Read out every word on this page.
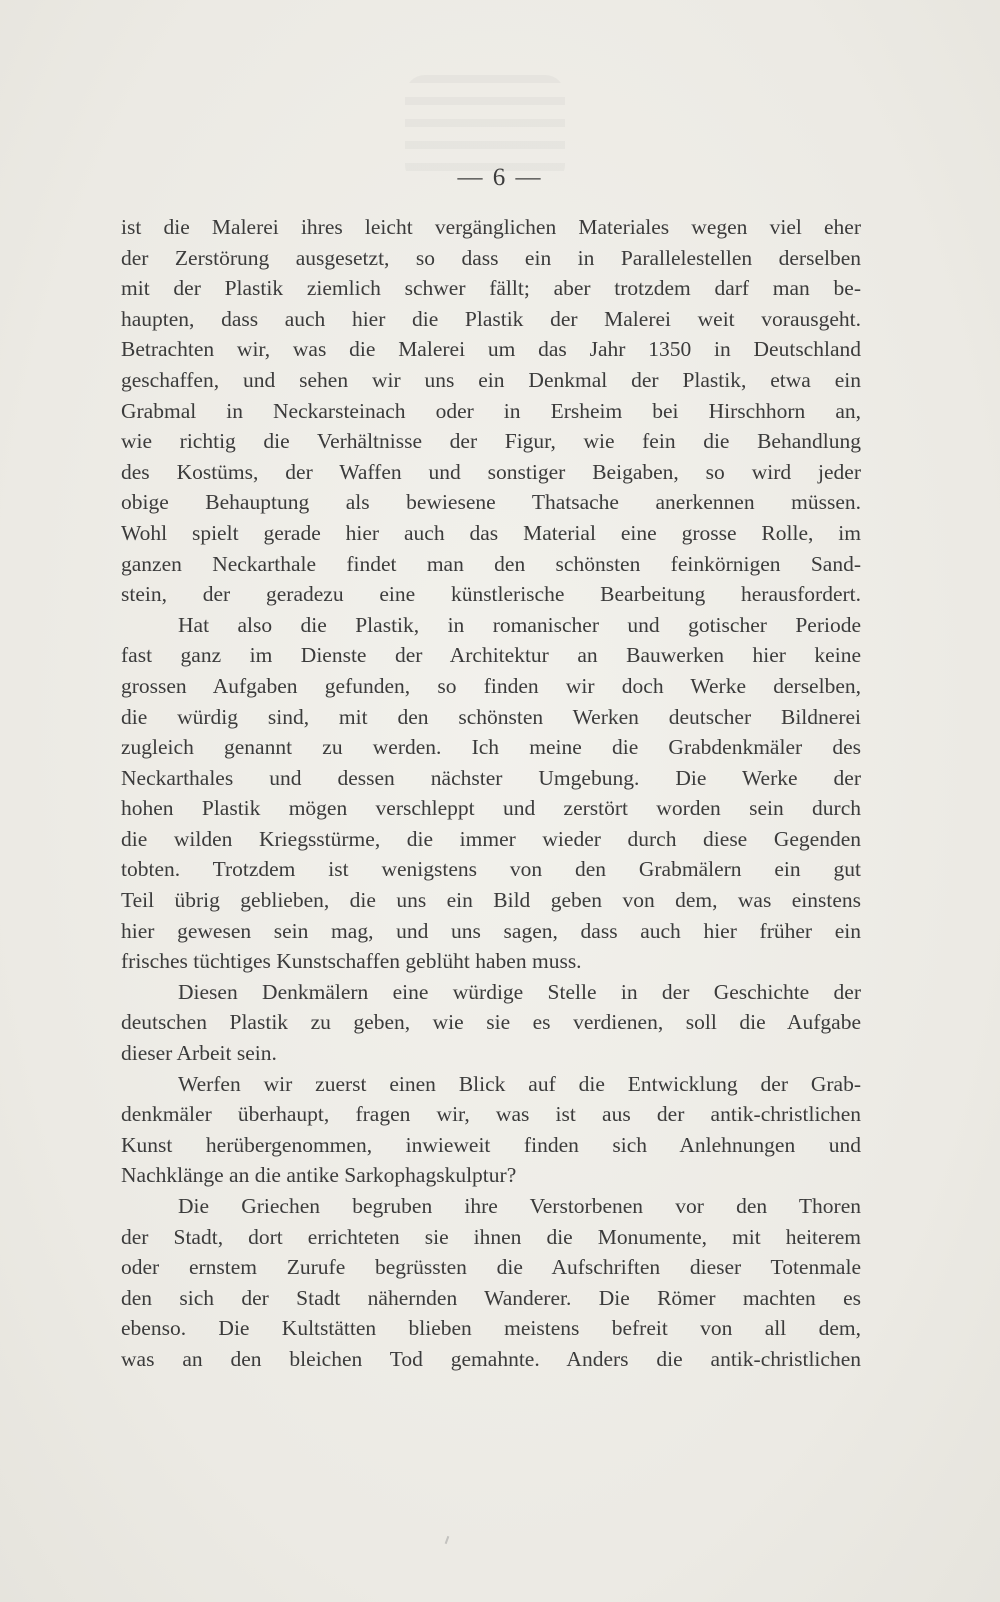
— 6 —
ist die Malerei ihres leicht vergänglichen Materiales wegen viel eher
der Zerstörung ausgesetzt, so dass ein in Parallelestellen derselben
mit der Plastik ziemlich schwer fällt; aber trotzdem darf man be-
haupten, dass auch hier die Plastik der Malerei weit vorausgeht.
Betrachten wir, was die Malerei um das Jahr 1350 in Deutschland
geschaffen, und sehen wir uns ein Denkmal der Plastik, etwa ein
Grabmal in Neckarsteinach oder in Ersheim bei Hirschhorn an,
wie richtig die Verhältnisse der Figur, wie fein die Behandlung
des Kostüms, der Waffen und sonstiger Beigaben, so wird jeder
obige Behauptung als bewiesene Thatsache anerkennen müssen.
Wohl spielt gerade hier auch das Material eine grosse Rolle, im
ganzen Neckarthale findet man den schönsten feinkörnigen Sand-
stein, der geradezu eine künstlerische Bearbeitung herausfordert.
Hat also die Plastik, in romanischer und gotischer Periode
fast ganz im Dienste der Architektur an Bauwerken hier keine
grossen Aufgaben gefunden, so finden wir doch Werke derselben,
die würdig sind, mit den schönsten Werken deutscher Bildnerei
zugleich genannt zu werden. Ich meine die Grabdenkmäler des
Neckarthales und dessen nächster Umgebung. Die Werke der
hohen Plastik mögen verschleppt und zerstört worden sein durch
die wilden Kriegsstürme, die immer wieder durch diese Gegenden
tobten. Trotzdem ist wenigstens von den Grabmälern ein gut
Teil übrig geblieben, die uns ein Bild geben von dem, was einstens
hier gewesen sein mag, und uns sagen, dass auch hier früher ein
frisches tüchtiges Kunstschaffen geblüht haben muss.
Diesen Denkmälern eine würdige Stelle in der Geschichte der
deutschen Plastik zu geben, wie sie es verdienen, soll die Aufgabe
dieser Arbeit sein.
Werfen wir zuerst einen Blick auf die Entwicklung der Grab-
denkmäler überhaupt, fragen wir, was ist aus der antik-christlichen
Kunst herübergenommen, inwieweit finden sich Anlehnungen und
Nachklänge an die antike Sarkophagskulptur?
Die Griechen begruben ihre Verstorbenen vor den Thoren
der Stadt, dort errichteten sie ihnen die Monumente, mit heiterem
oder ernstem Zurufe begrüssten die Aufschriften dieser Totenmale
den sich der Stadt nähernden Wanderer. Die Römer machten es
ebenso. Die Kultstätten blieben meistens befreit von all dem,
was an den bleichen Tod gemahnte. Anders die antik-christlichen
